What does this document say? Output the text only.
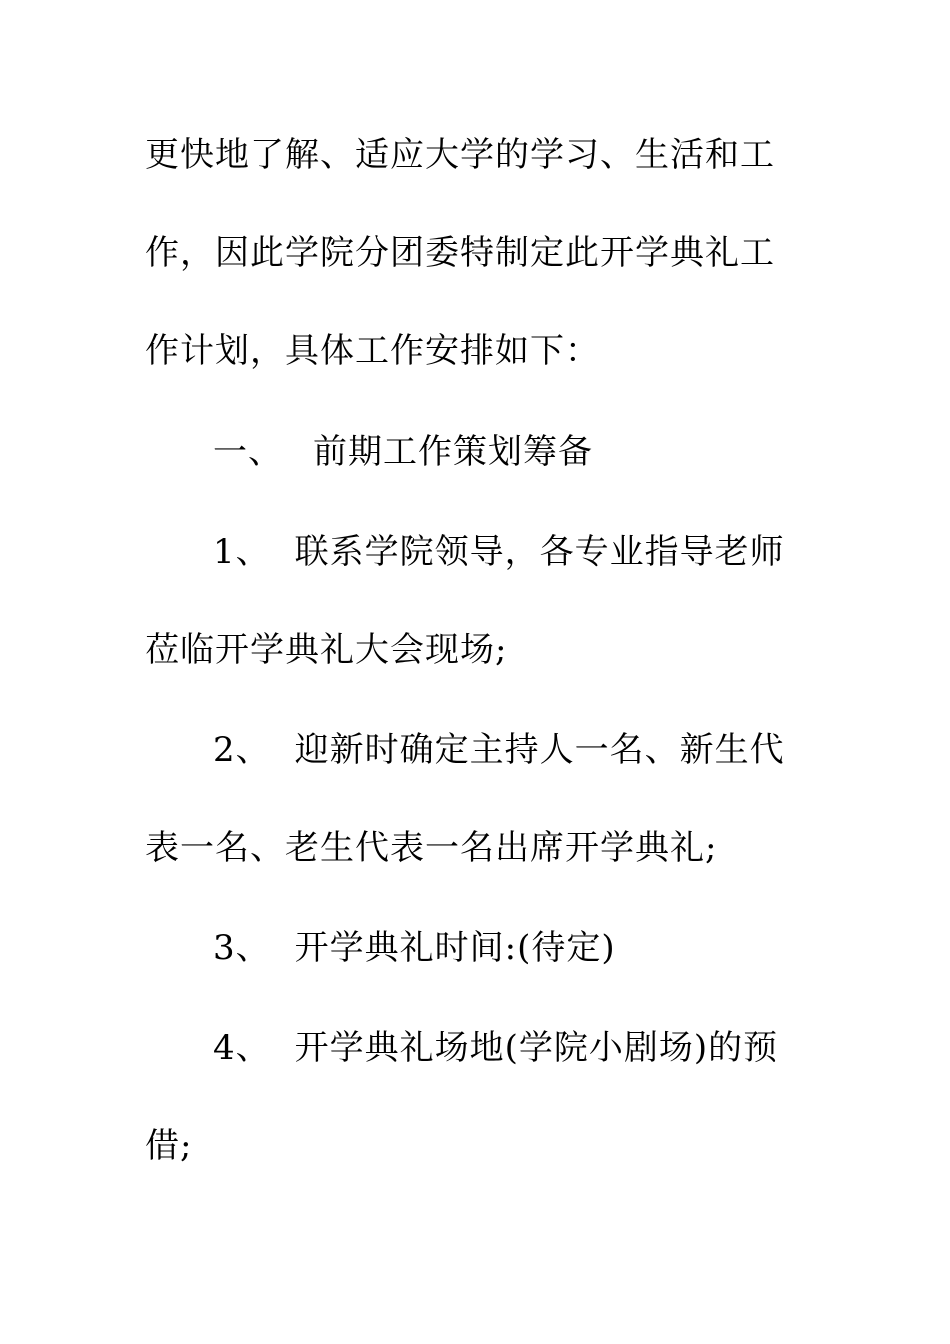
更快地了解、适应大学的学习、生活和工
作，因此学院分团委特制定此开学典礼工
作计划，具体工作安排如下：
一、 前期工作策划筹备
1、 联系学院领导，各专业指导老师
莅临开学典礼大会现场;
2、 迎新时确定主持人一名、新生代
表一名、老生代表一名出席开学典礼;
3、 开学典礼时间:(待定)
4、 开学典礼场地(学院小剧场)的预
借;
